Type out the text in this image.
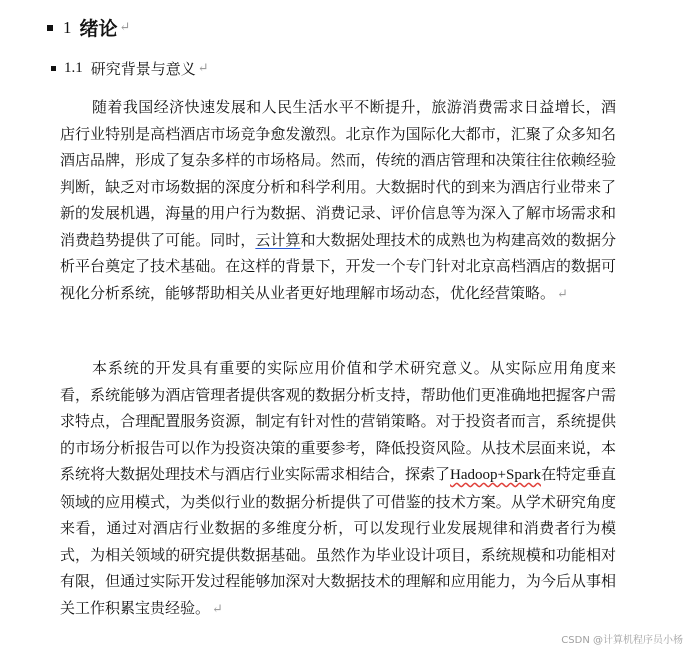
1 绪论 ↵
1.1 研究背景与意义 ↵

随着我国经济快速发展和人民生活水平不断提升，旅游消费需求日益增长，酒店行业特别是高档酒店市场竞争愈发激烈。北京作为国际化大都市，汇聚了众多知名酒店品牌，形成了复杂多样的市场格局。然而，传统的酒店管理和决策往往依赖经验判断，缺乏对市场数据的深度分析和科学利用。大数据时代的到来为酒店行业带来了新的发展机遇，海量的用户行为数据、消费记录、评价信息等为深入了解市场需求和消费趋势提供了可能。同时，云计算和大数据处理技术的成熟也为构建高效的数据分析平台奠定了技术基础。在这样的背景下，开发一个专门针对北京高档酒店的数据可视化分析系统，能够帮助相关从业者更好地理解市场动态，优化经营策略。 ↵

本系统的开发具有重要的实际应用价值和学术研究意义。从实际应用角度来看，系统能够为酒店管理者提供客观的数据分析支持，帮助他们更准确地把握客户需求特点，合理配置服务资源，制定有针对性的营销策略。对于投资者而言，系统提供的市场分析报告可以作为投资决策的重要参考，降低投资风险。从技术层面来说，本系统将大数据处理技术与酒店行业实际需求相结合，探索了Hadoop+Spark在特定垂直领域的应用模式，为类似行业的数据分析提供了可借鉴的技术方案。从学术研究角度来看，通过对酒店行业数据的多维度分析，可以发现行业发展规律和消费者行为模式，为相关领域的研究提供数据基础。虽然作为毕业设计项目，系统规模和功能相对有限，但通过实际开发过程能够加深对大数据技术的理解和应用能力，为今后从事相关工作积累宝贵经验。 ↵

CSDN @计算机程序员小杨
